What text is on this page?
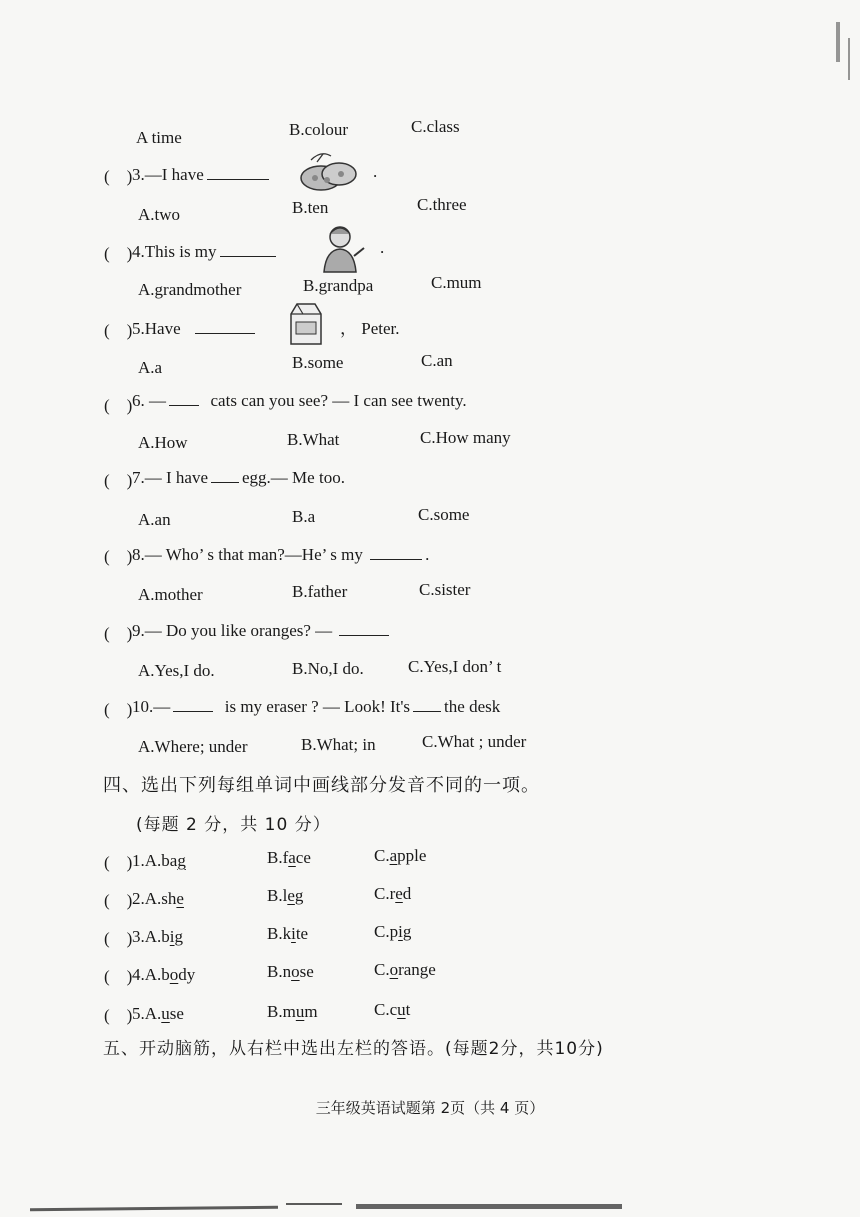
A time	B.colour	C.class
(    ) 3.—I have	.
A.two	B.ten	C.three
(    ) 4.This is my	.
A.grandmother	B.grandpa	C.mum
(    ) 5.Have	， Peter.
A.a	B.some	C.an
(    ) 6. —	cats can you see? — I can see twenty.
A.How	B.What	C.How many
(    ) 7.— I have egg.— Me too.
A.an	B.a	C.some
(    ) 8.— Who’ s that man?—He’ s my	.
A.mother	B.father	C.sister
(    ) 9.— Do you like oranges? —
A.Yes,I do.	B.No,I do.	C.Yes,I don’ t
(    ) 10.—	is my eraser ? — Look! It's the desk
A.Where; under	B.What; in	C.What ; under
四、选出下列每组单词中画线部分发音不同的一项。
(每题 2 分，共 10 分）
(    ) 1.A.bag	B.face	C.apple
(    ) 2.A.she	B.leg	C.red
(    ) 3.A.big	B.kite	C.pig
(    ) 4.A.body	B.nose	C.orange
(    ) 5.A.use	B.mum	C.cut
五、开动脑筋，从右栏中选出左栏的答语。(每题2分，共10分)
三年级英语试题第 2页（共 4 页）
